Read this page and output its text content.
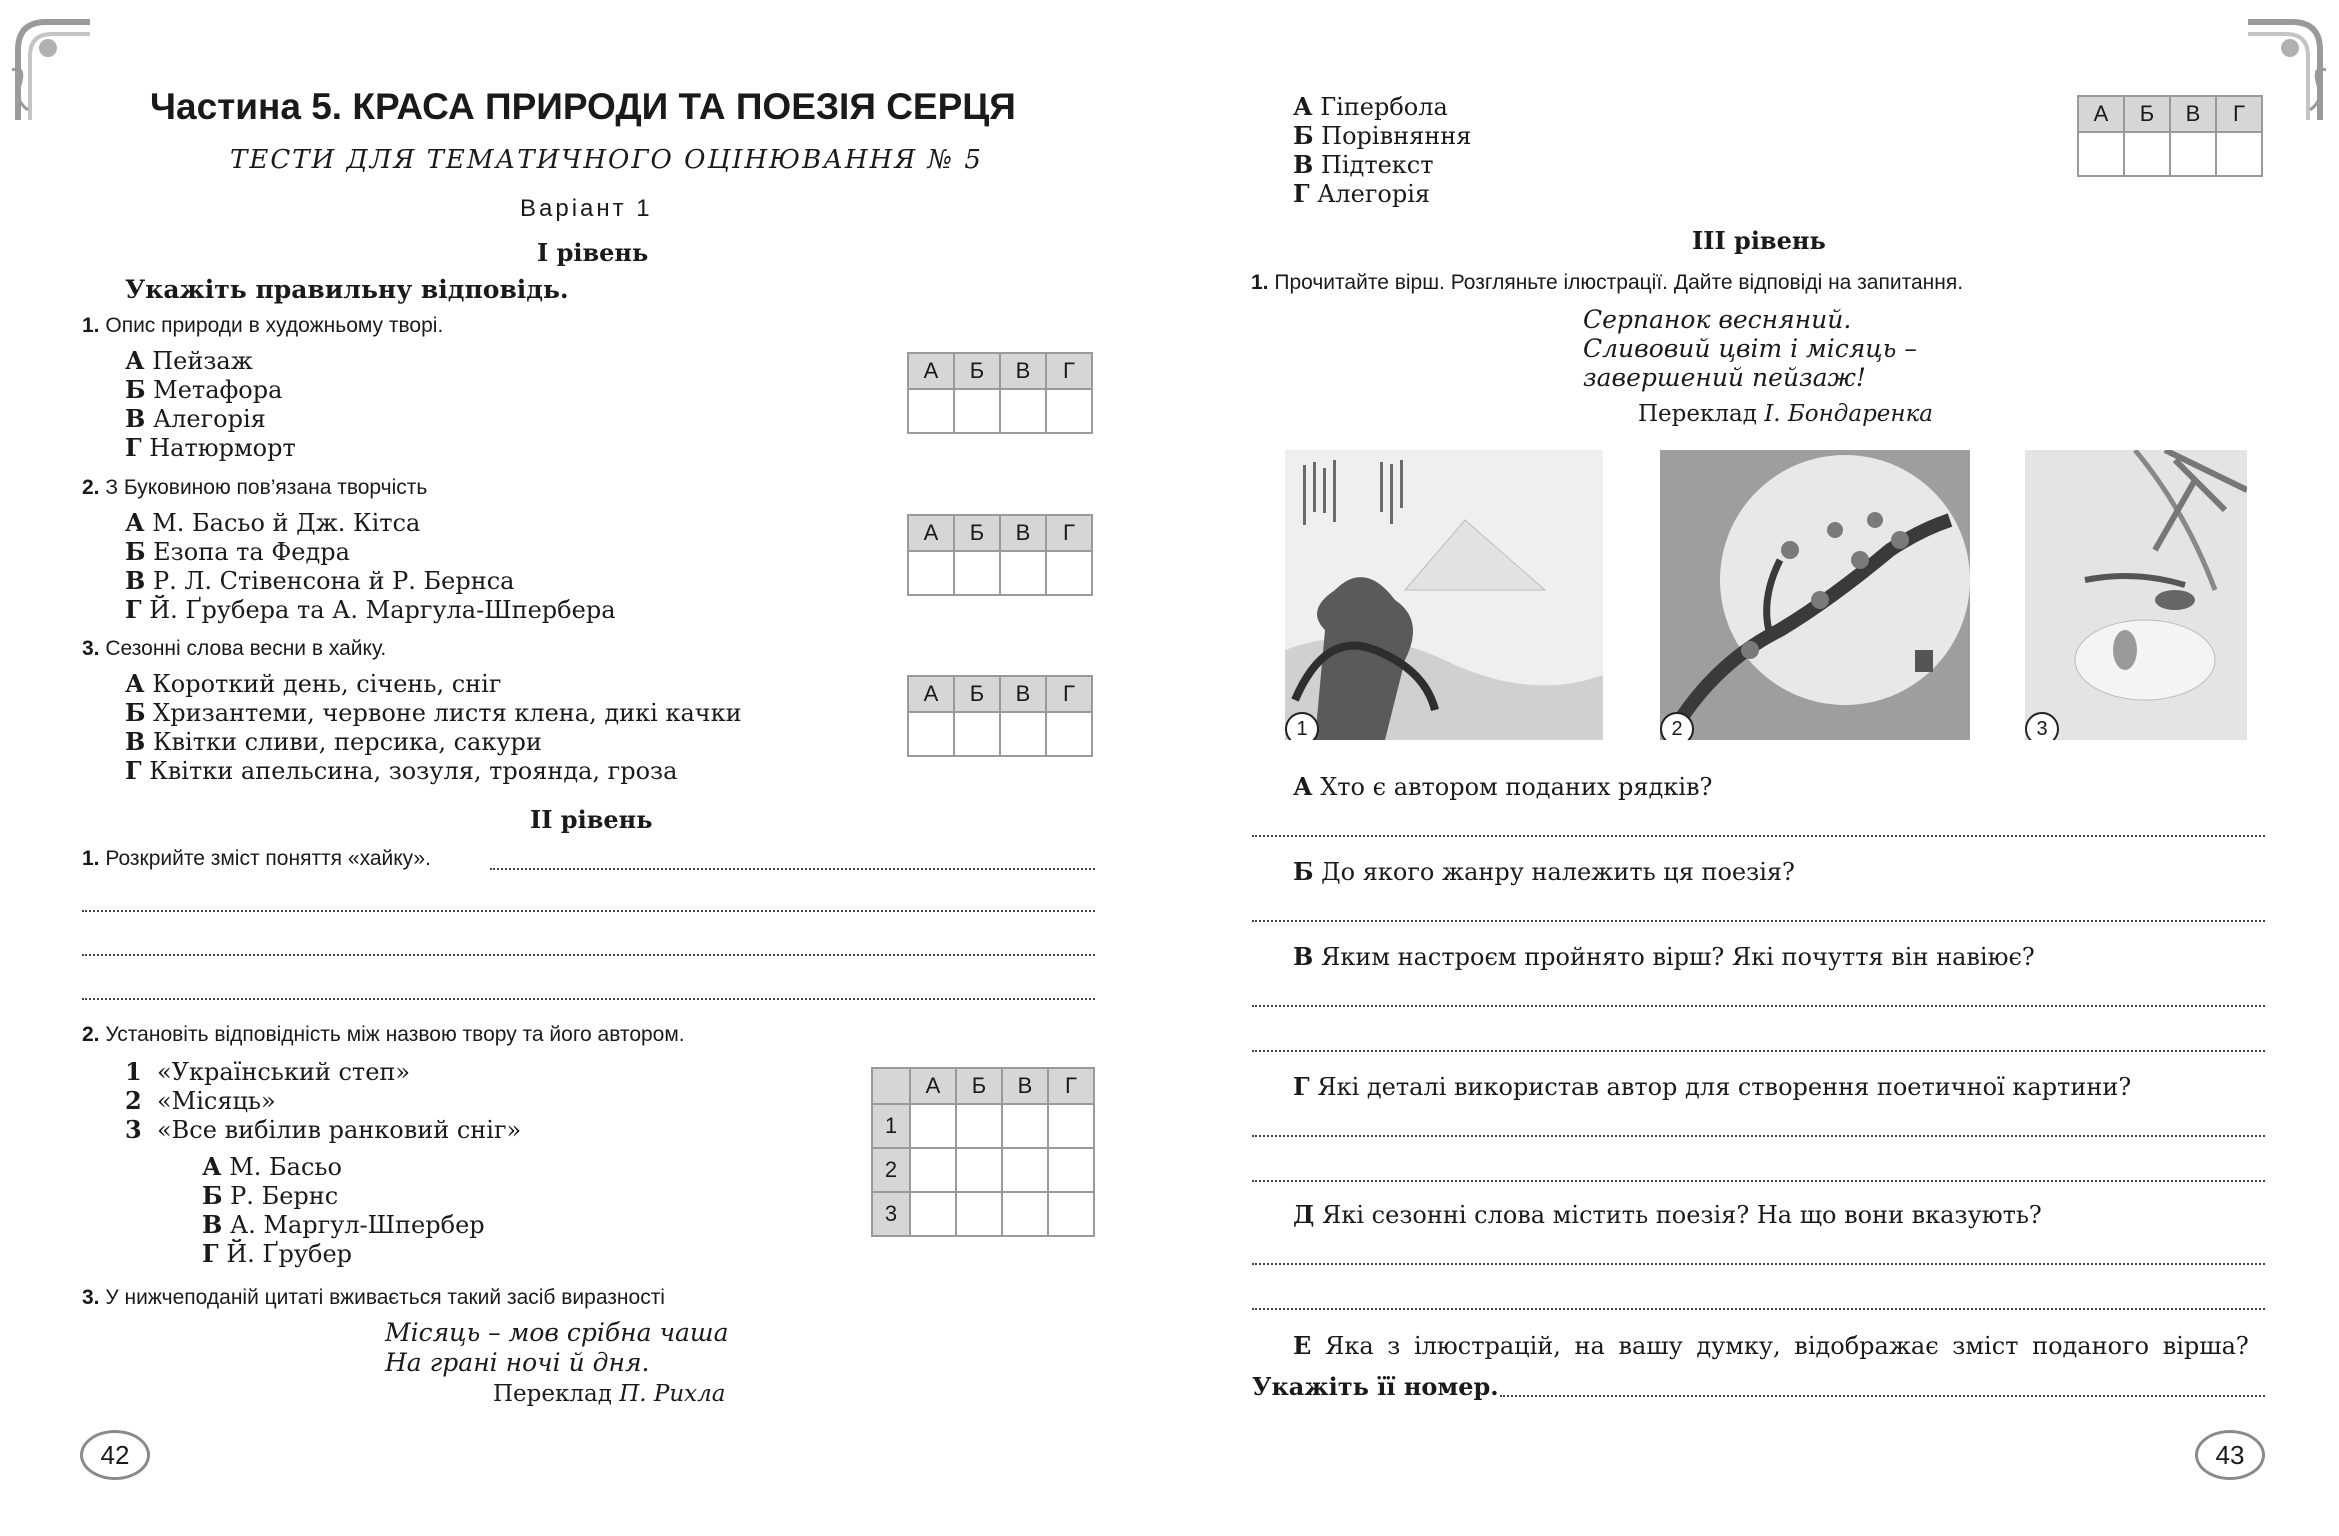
Частина 5. КРАСА ПРИРОДИ ТА ПОЕЗІЯ СЕРЦЯ
ТЕСТИ ДЛЯ ТЕМАТИЧНОГО ОЦІНЮВАННЯ № 5
Варіант 1
І рівень
Укажіть правильну відповідь.
1. Опис природи в художньому творі.
А Пейзаж
Б Метафора
В Алегорія
Г Натюрморт
А	Б	В	Г

2. З Буковиною пов’язана творчість
А М. Басьо й Дж. Кітса
Б Езопа та Федра
В Р. Л. Стівенсона й Р. Бернса
Г Й. Ґрубера та А. Маргула-Шпербера
А	Б	В	Г

3. Сезонні слова весни в хайку.
А Короткий день, січень, сніг
Б Хризантеми, червоне листя клена, дикі качки
В Квітки сливи, персика, сакури
Г Квітки апельсина, зозуля, троянда, гроза
А	Б	В	Г

ІІ рівень
1. Розкрийте зміст поняття «хайку».
2. Установіть відповідність між назвою твору та його автором.
1 «Український степ»
2 «Місяць»
3 «Все вибілив ранковий сніг»
А М. Басьо
Б Р. Бернс
В А. Маргул-Шпербер
Г Й. Ґрубер
	А	Б	В	Г
1				
2				
3				
3. У нижчеподаній цитаті вживається такий засіб виразності
Місяць – мов срібна чаша
На грані ночі й дня.
Переклад П. Рихла
42
А Гіпербола
Б Порівняння
В Підтекст
Г Алегорія
А	Б	В	Г

ІІІ рівень
1. Прочитайте вірш. Розгляньте ілюстрації. Дайте відповіді на запитання.
Серпанок весняний.
Сливовий цвіт і місяць –
завершений пейзаж!
Переклад І. Бондаренка
1	2	3
А Хто є автором поданих рядків?
Б До якого жанру належить ця поезія?
В Яким настроєм пройнято вірш? Які почуття він навіює?
Г Які деталі використав автор для створення поетичної картини?
Д Які сезонні слова містить поезія? На що вони вказують?
Е Яка з ілюстрацій, на вашу думку, відображає зміст поданого вірша?
Укажіть її номер.
43
